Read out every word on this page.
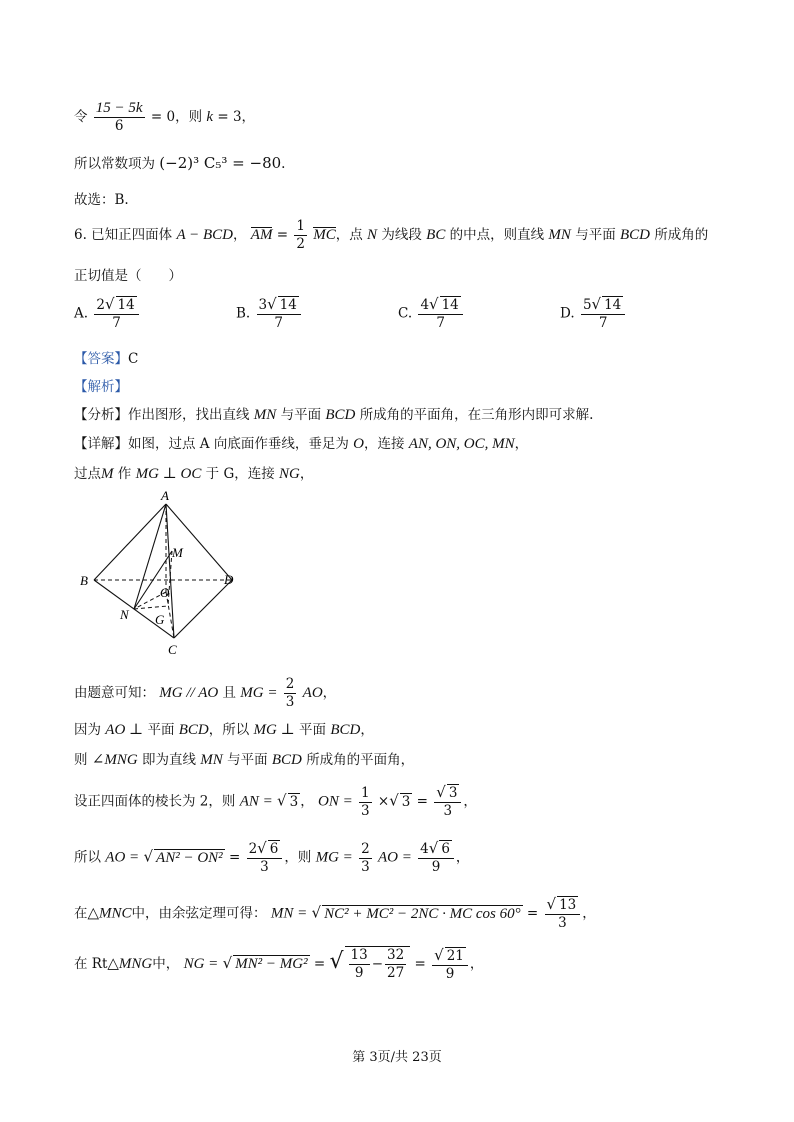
令 $\frac{15 - 5k}{6} = 0$，则 k = 3，
所以常数项为 (−2)³ C₅³ = −80.
故选：B.
6. 已知正四面体 A − BCD， AM = $\frac{1}{2}$ MC，点 N 为线段 BC 的中点，则直线 MN 与平面 BCD 所成角的
正切值是（　　）
A. $\frac{2√ 14}{7}$	B. $\frac{3√ 14}{7}$	C. $\frac{4√ 14}{7}$	D. $\frac{5√ 14}{7}$
【答案】C
【解析】
【分析】作出图形，找出直线 MN 与平面 BCD 所成角的平面角，在三角形内即可求解.
【详解】如图，过点 A 向底面作垂线，垂足为 O，连接 AN, ON, OC, MN，
过点M 作 MG ⊥ OC 于 G，连接 NG，
A
B	D
C
M
N
O
G
由题意可知： MG // AO 且 MG = $\frac{2}{3}$ AO，
因为 AO ⊥ 平面 BCD，所以 MG ⊥ 平面 BCD，
则 ∠MNG 即为直线 MN 与平面 BCD 所成角的平面角，
设正四面体的棱长为 2，则 AN = √ 3 ， ON = $\frac{1}{3}$ ×√ $3 = \frac{√ 3}{3}$ ，
所以 AO = √ $AN^2 - ON^2 = \frac{2√ 6}{3}$ ，则 MG = $\frac{2}{3}$ AO = $\frac{4√ 6}{9}$ ，
在△MNC中，由余弦定理可得： MN = √ NC² + MC² − 2NC · MC $\cos 60^\circ = \frac{√ 13}{3}$ ，
在 Rt△MNG中， NG = √ MN² − MG² = √ $\frac{13}{9} - \frac{32}{27} = \frac{√ 21}{9}$ ，
第 3页/共 23页
